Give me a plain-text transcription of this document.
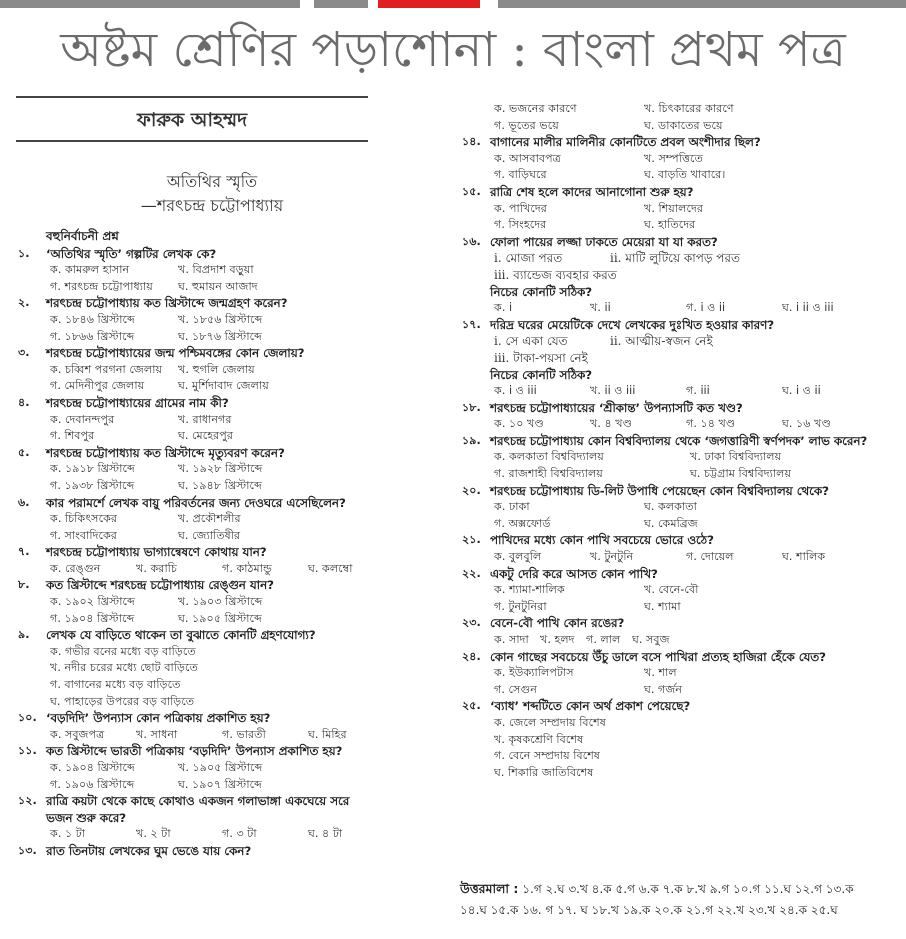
অষ্টম শ্রেণির পড়াশোনা : বাংলা প্রথম পত্র
ফারুক আহম্মদ
অতিথির স্মৃতি
—শরৎচন্দ্র চট্টোপাধ্যায়
বহুনির্বাচনী প্রশ্ন
১. ‘অতিথির স্মৃতি’ গল্পটির লেখক কে?
ক. কামরুল হাসান	খ. বিপ্রদাশ বড়ুয়া
গ. শরৎচন্দ্র চট্টোপাধ্যায় ঘ. হুমায়ন আজাদ
২. শরৎচন্দ্র চট্টোপাধ্যায় কত খ্রিস্টাব্দে জন্মগ্রহণ করেন?
ক. ১৮৪৬ খ্রিস্টাব্দে	খ. ১৮৫৬ খ্রিস্টাব্দে
গ. ১৮৬৬ খ্রিস্টাব্দে	ঘ. ১৮৭৬ খ্রিস্টাব্দে
৩. শরৎচন্দ্র চট্টোপাধ্যায়ের জন্ম পশ্চিমবঙ্গের কোন জেলায়?
ক. চব্বিশ পরগনা জেলায় খ. হুগলি জেলায়
গ. মেদিনীপুর জেলায়	ঘ. মুর্শিদাবাদ জেলায়
৪. শরৎচন্দ্র চট্টোপাধ্যায়ের গ্রামের নাম কী?
ক. দেবানন্দপুর	খ. রাধানগর
গ. শিবপুর	ঘ. মেহেরপুর
৫. শরৎচন্দ্র চট্টোপাধ্যায় কত খ্রিস্টাব্দে মৃত্যুবরণ করেন?
ক. ১৯১৮ খ্রিস্টাব্দে	খ. ১৯২৮ খ্রিস্টাব্দে
গ. ১৯৩৮ খ্রিস্টাব্দে	ঘ. ১৯৪৮ খ্রিস্টাব্দে
৬. কার পরামর্শে লেখক বায়ু পরিবর্তনের জন্য দেওঘরে এসেছিলেন?
ক. চিকিৎসকের	খ. প্রকৌশলীর
গ. সাংবাদিকের	ঘ. জ্যোতিষীর
৭. শরৎচন্দ্র চট্টোপাধ্যায় ভাগ্যান্বেষণে কোথায় যান?
ক. রেঙ্গুন	খ. করাচি	গ. কাঠমান্ডু	ঘ. কলম্বো
৮. কত খ্রিস্টাব্দে শরৎচন্দ্র চট্টোপাধ্যায় রেঙ্গুন যান?
ক. ১৯০২ খ্রিস্টাব্দে	খ. ১৯০৩ খ্রিস্টাব্দে
গ. ১৯০৪ খ্রিস্টাব্দে	ঘ. ১৯০৫ খ্রিস্টাব্দে
৯. লেখক যে বাড়িতে থাকেন তা বুঝাতে কোনটি গ্রহণযোগ্য?
ক. গভীর বনের মধ্যে বড় বাড়িতে
খ. নদীর চরের মধ্যে ছোট বাড়িতে
গ. বাগানের মধ্যে বড় বাড়িতে
ঘ. পাহাড়ের উপরের বড় বাড়িতে
১০. ‘বড়দিদি’ উপন্যাস কোন পত্রিকায় প্রকাশিত হয়?
ক. সবুজপত্র	খ. সাধনা	গ. ভারতী	ঘ. মিহির
১১. কত খ্রিস্টাব্দে ভারতী পত্রিকায় ‘বড়দিদি’ উপন্যাস প্রকাশিত হয়?
ক. ১৯০৪ খ্রিস্টাব্দে	খ. ১৯০৫ খ্রিস্টাব্দে
গ. ১৯০৬ খ্রিস্টাব্দে	ঘ. ১৯০৭ খ্রিস্টাব্দে
১২. রাত্রি কয়টা থেকে কাছে কোথাও একজন গলাভাঙ্গা একঘেয়ে সরে ভজন শুরু করে?
ক. ১ টা	খ. ২ টা	গ. ৩ টা	ঘ. ৪ টা
১৩. রাত তিনটায় লেখকের ঘুম ভেঙে যায় কেন?
ক. ভজনের কারণে	খ. চিৎকারের কারণে
গ. ভূতের ভয়ে	ঘ. ডাকাতের ভয়ে
১৪. বাগানের মালীর মালিনীর কোনটিতে প্রবল অংশীদার ছিল?
ক. আসবাবপত্র	খ. সম্পত্তিতে
গ. বাড়িঘরে	ঘ. বাড়তি খাবারে।
১৫. রাত্রি শেষ হলে কাদের আনাগোনা শুরু হয়?
ক. পাখিদের	খ. শিয়ালদের
গ. সিংহদের	ঘ. হাতিদের
১৬. ফোলা পায়ের লজ্জা ঢাকতে মেয়েরা যা যা করত?
i. মোজা পরত	ii. মাটি লুটিয়ে কাপড় পরত
iii. ব্যান্ডেজ ব্যবহার করত
নিচের কোনটি সঠিক?
ক. i	খ. ii	গ. i ও ii	ঘ. i ii ও iii
১৭. দরিদ্র ঘরের মেয়েটিকে দেখে লেখকের দুঃখিত হওয়ার কারণ?
i. সে একা যেত	ii. আত্মীয়-স্বজন নেই
iii. টাকা-পয়সা নেই
নিচের কোনটি সঠিক?
ক. i ও iii	খ. ii ও iii	গ. iii	ঘ. i ও ii
১৮. শরৎচন্দ্র চট্টোপাধ্যায়ের ‘শ্রীকান্ত’ উপন্যাসটি কত খণ্ড?
ক. ১০ খণ্ড	খ. ৪ খণ্ড	গ. ১৪ খণ্ড	ঘ. ১৬ খণ্ড
১৯. শরৎচন্দ্র চট্টোপাধ্যায় কোন বিশ্ববিদ্যালয় থেকে ‘জগত্তারিণী স্বর্ণপদক’ লাভ করেন?
ক. কলকাতা বিশ্ববিদ্যালয়	খ. ঢাকা বিশ্ববিদ্যালয়
গ. রাজশাহী বিশ্ববিদ্যালয়	ঘ. চট্টগ্রাম বিশ্ববিদ্যালয়
২০. শরৎচন্দ্র চট্টোপাধ্যায় ডি-লিট উপাধি পেয়েছেন কোন বিশ্ববিদ্যালয় থেকে?
ক. ঢাকা	ঘ. কলকাতা
গ. অক্সফোর্ড	ঘ. কেমব্রিজ
২১. পাখিদের মধ্যে কোন পাখি সবচেয়ে ভোরে ওঠে?
ক. বুলবুলি	খ. টুনটুনি	গ. দোয়েল	ঘ. শালিক
২২. একটু দেরি করে আসত কোন পাখি?
ক. শ্যামা-শালিক	খ. বেনে-বৌ
গ. টুনটুনিরা	ঘ. শ্যামা
২৩. বেনে-বৌ পাখি কোন রঙের?
ক. সাদা খ. হলদ গ. লাল ঘ. সবুজ
২৪. কোন গাছের সবচেয়ে উঁচু ডালে বসে পাখিরা প্রত্যহ হাজিরা হেঁকে যেত?
ক. ইউক্যালিপটাস	খ. শাল
গ. সেগুন	ঘ. গর্জন
২৫. ‘ব্যাধ’ শব্দটিতে কোন অর্থ প্রকাশ পেয়েছে?
ক. জেলে সম্প্রদায় বিশেষ
খ. কৃষকশ্রেণি বিশেষ
গ. বেনে সম্প্রদায় বিশেষ
ঘ. শিকারি জাতিবিশেষ
উত্তরমালা : ১.গ ২.ঘ ৩.খ ৪.ক ৫.গ ৬.ক ৭.ক ৮.খ ৯.গ ১০.গ ১১.ঘ ১২.গ ১৩.ক
১৪.ঘ ১৫.ক ১৬. গ ১৭. ঘ ১৮.খ ১৯.ক ২০.ক ২১.গ ২২.খ ২৩.খ ২৪.ক ২৫.ঘ
